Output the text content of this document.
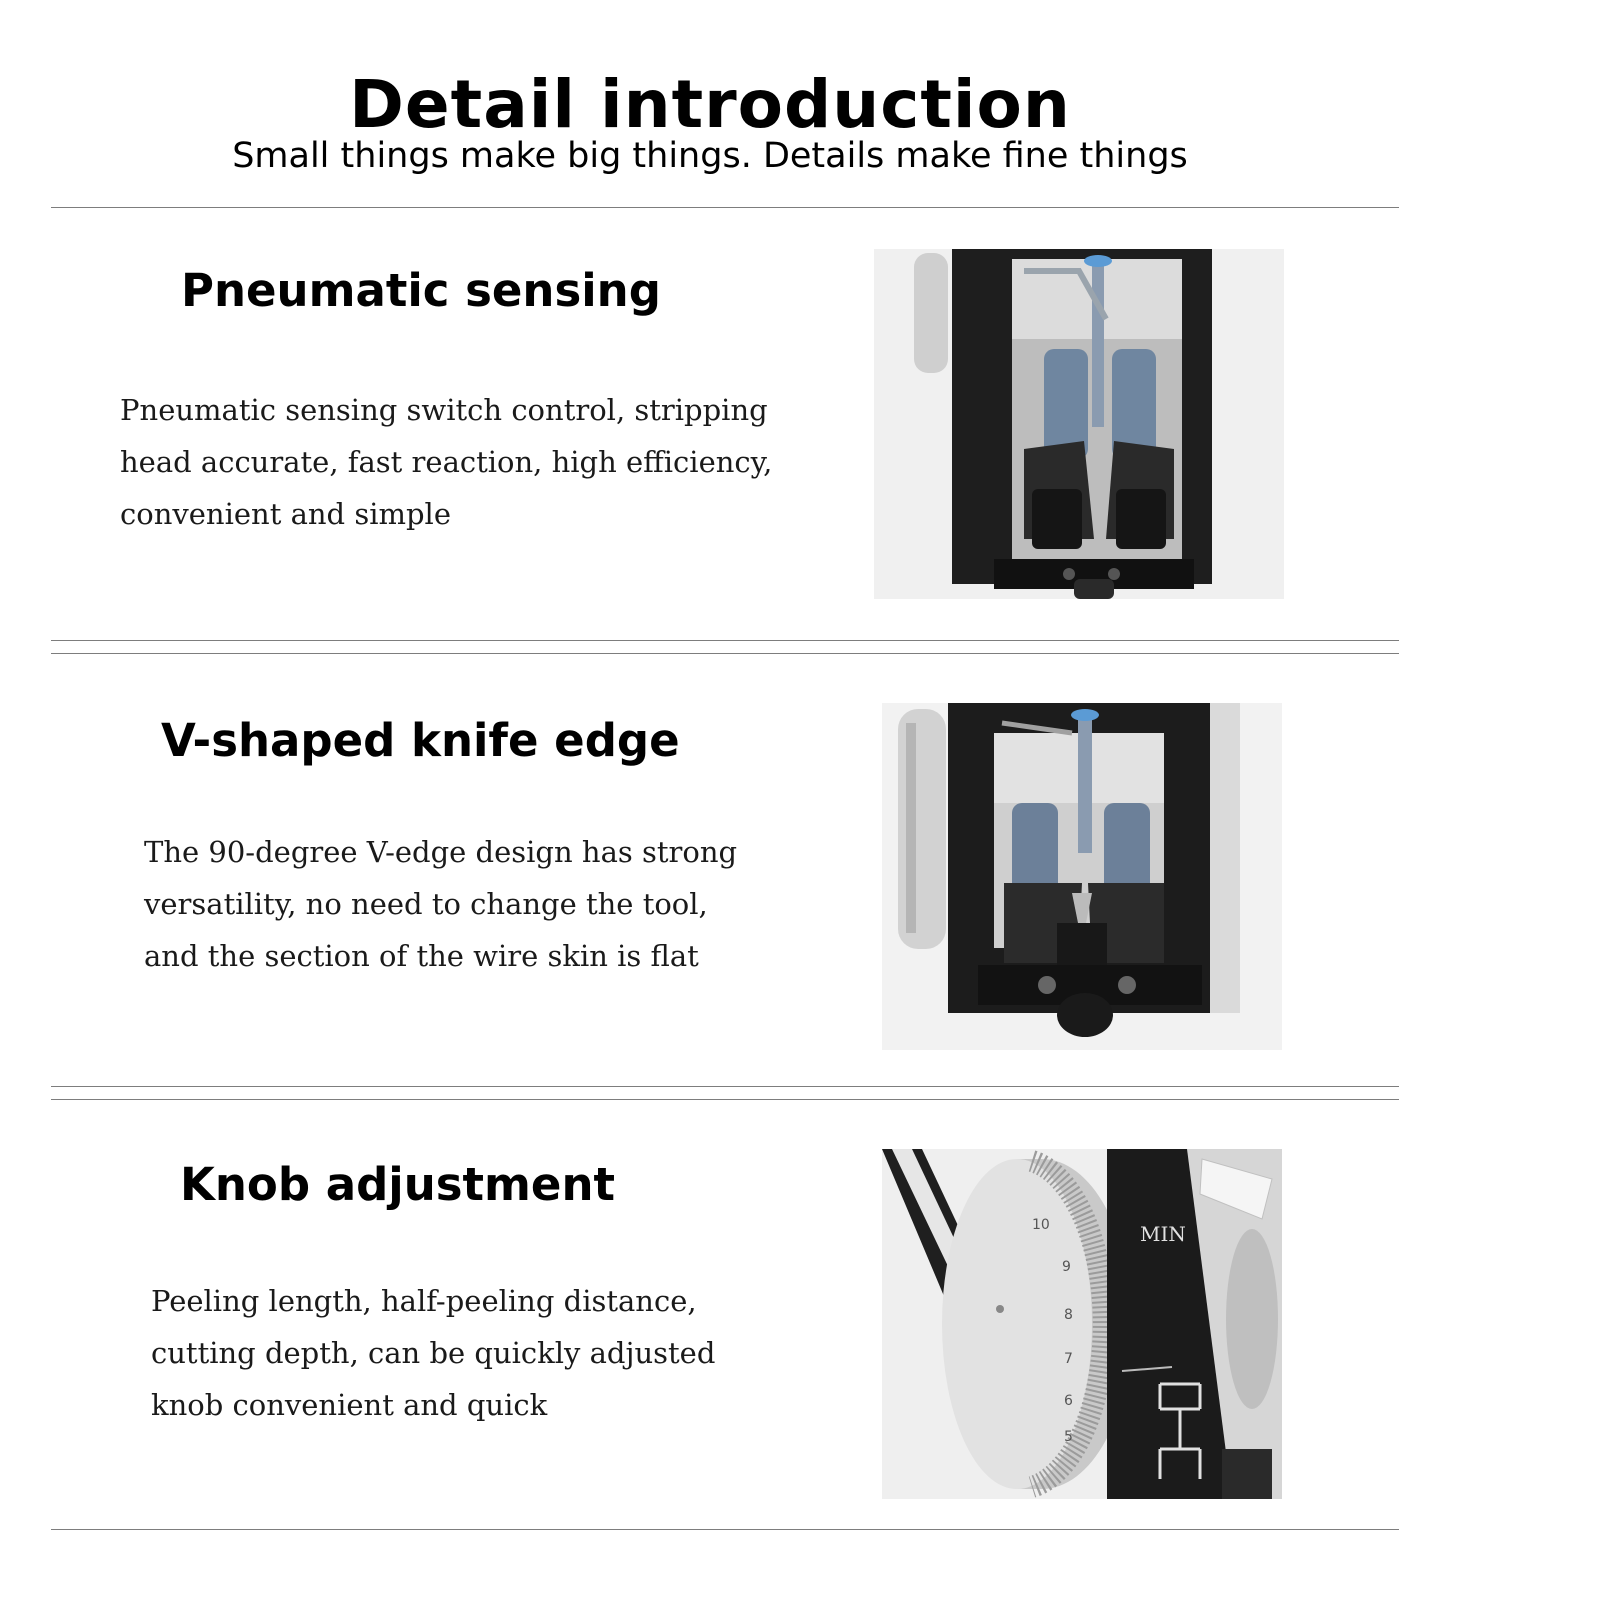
Detail introduction
Small things make big things. Details make fine things
Pneumatic sensing
Pneumatic sensing switch control, stripping
head accurate, fast reaction, high efficiency,
convenient and simple
V-shaped knife edge
The 90-degree V-edge design has strong
versatility, no need to change the tool,
and the section of the wire skin is flat
Knob adjustment
Peeling length, half-peeling distance,
cutting depth, can be quickly adjusted
knob convenient and quick
10
9
8
7
6
5
MIN
